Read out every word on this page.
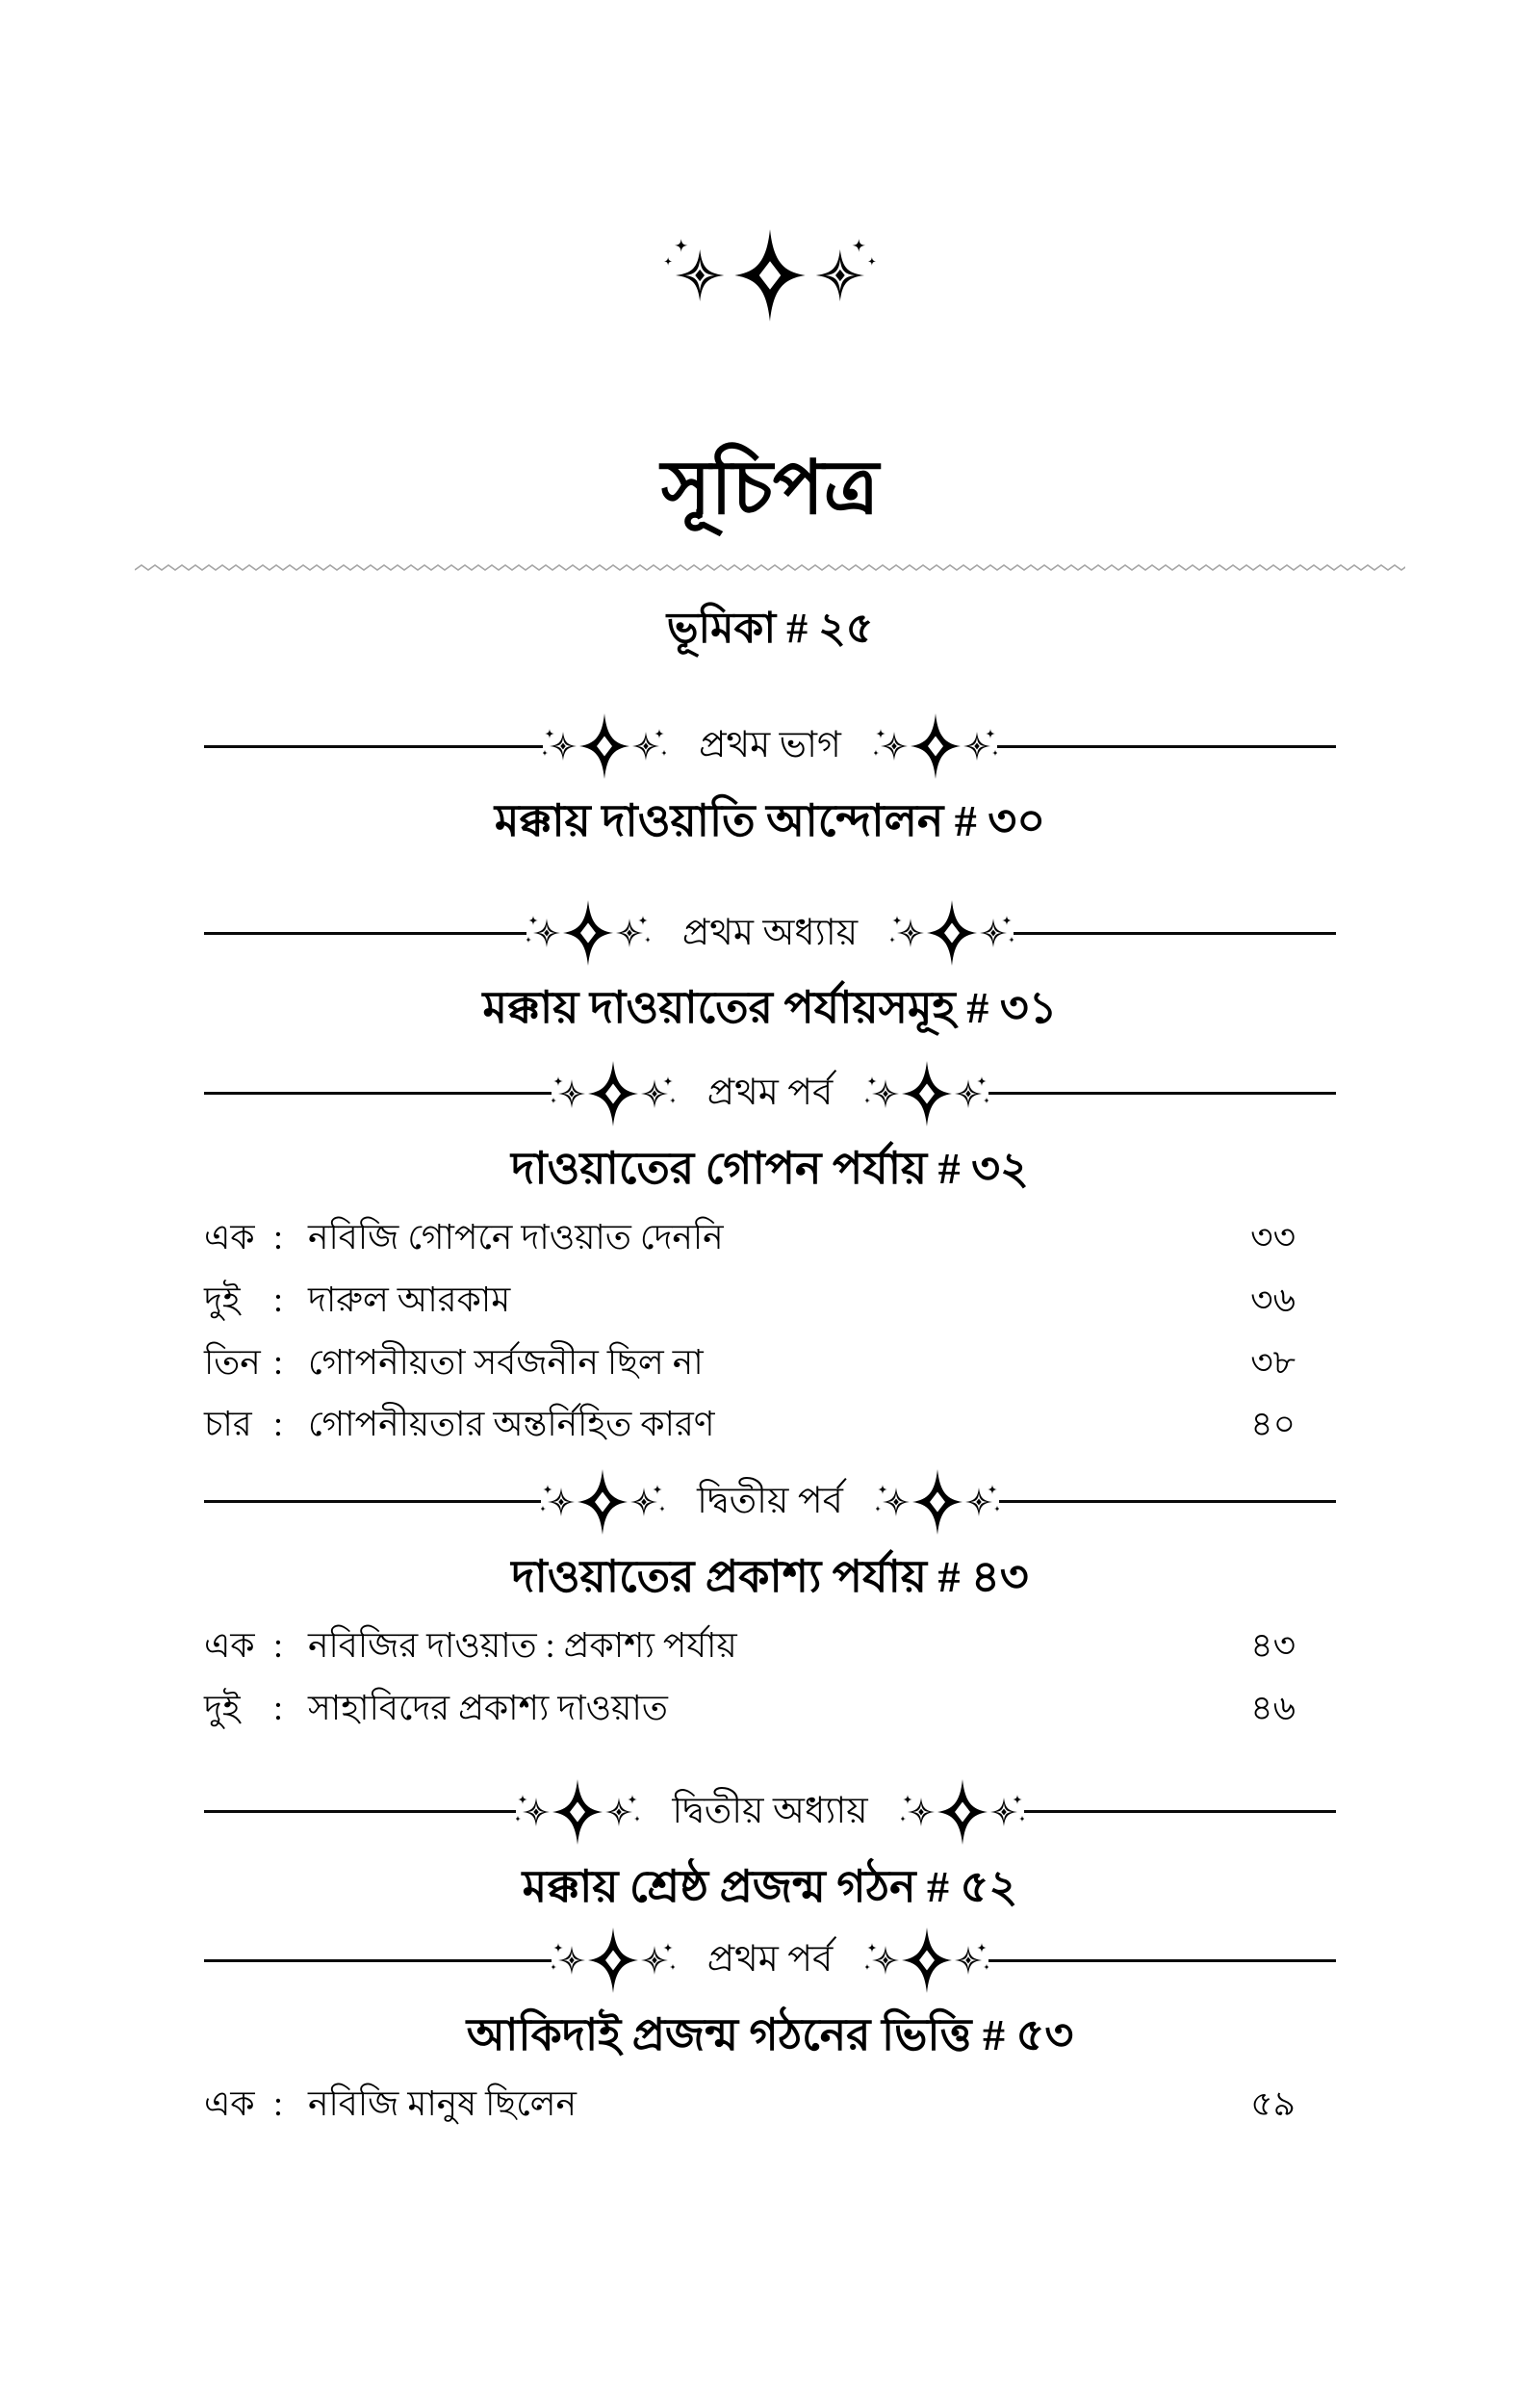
সূচিপত্র
ভূমিকা # ২৫
প্রথম ভাগ
মক্কায় দাওয়াতি আন্দোলন # ৩০
প্রথম অধ্যায়
মক্কায় দাওয়াতের পর্যায়সমূহ # ৩১
প্রথম পর্ব
দাওয়াতের গোপন পর্যায় # ৩২
এক : নবিজি গোপনে দাওয়াত দেননি	৩৩
দুই : দারুল আরকাম	৩৬
তিন : গোপনীয়তা সর্বজনীন ছিল না	৩৮
চার : গোপনীয়তার অন্তর্নিহিত কারণ	৪০
দ্বিতীয় পর্ব
দাওয়াতের প্রকাশ্য পর্যায় # ৪৩
এক : নবিজির দাওয়াত : প্রকাশ্য পর্যায়	৪৩
দুই : সাহাবিদের প্রকাশ্য দাওয়াত	৪৬
দ্বিতীয় অধ্যায়
মক্কায় শ্রেষ্ঠ প্রজন্ম গঠন # ৫২
প্রথম পর্ব
আকিদাই প্রজন্ম গঠনের ভিত্তি # ৫৩
এক : নবিজি মানুষ ছিলেন	৫৯
